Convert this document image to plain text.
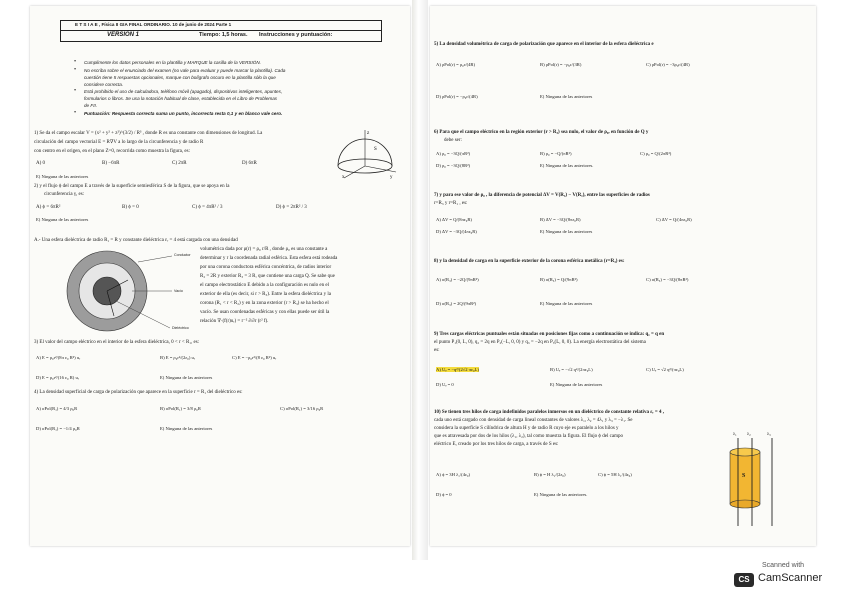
E T S I A E , Física II GIA FINAL ORDINARIO. 10 de junio de 2024 Parte 1
VERSIÓN 1	Tiempo: 1,5 horas. Instrucciones y puntuación:
• Cumplimente los datos personales en la plantilla y MARQUE la casilla de la VERSIÓN.
• No escriba sobre el enunciado del examen (no vale para evaluar y puede marcar la plantilla). Cada
cuestión tiene 5 respuestas opcionales, marque con bolígrafo oscuro en la plantilla sólo la que
considere correcta.
• Está prohibido el uso de calculadora, teléfono móvil (apagado), dispositivos inteligentes, apuntes,
formularios o libros. Se usa la notación habitual de clase, establecida en el Libro de Problemas
de FII.
• Puntuación: Respuesta correcta suma un punto, incorrecta resta 0,1 y en blanco vale cero.
1) Se da el campo escalar V = (x² + y² + z²)^(3/2) / R³ , donde R es una constante con dimensiones de longitud. La
circulación del campo vectorial E = R∇V a lo largo de la circunferencia y de radio R
con centro en el origen, en el plano Z=0, recorrida como muestra la figura, es:
A) 0	B) −6πR	C) 2πR	D) 6πR
E) Ninguna de las anteriores
z
S
y
x
2) y el flujo ϕ del campo E a través de la superficie semiesférica S de la figura, que se apoya en la
circunferencia γ, es:
A) ϕ = 6πR²	B) ϕ = 0	C) ϕ = 4πR² / 3	D) ϕ = 2πR² / 3
E) Ninguna de las anteriores
A.- Una esfera dieléctrica de radio R₁ = R y constante dieléctrica εᵣ = 4 está cargada con una densidad
volumétrica dada por ρ(r) = ρ₀ r/R , donde ρ₀ es una constante a
determinar y r la coordenada radial esférica. Esta esfera está rodeada
por una corona conductora esférica concéntrica, de radios interior
R₂ = 2R y exterior R₃ = 3 R, que contiene una carga Q. Se sabe que
el campo electrostático E debido a la configuración es nulo en el
exterior de ella (es decir, si r > R₃). Entre la esfera dieléctrica y la
corona (R₁ < r < R₂) y en la zona exterior (r > R₃) se ha hecho el
vacío. Se usan coordenadas esféricas y con ellas puede ser útil la
relación ∇·(f(r)uᵣ) = r⁻² ∂/∂r (r² f).
Conductor
Vacío
Dieléctrico
3) El valor del campo eléctrico en el interior de la esfera dieléctrica, 0 < r < R₁, es:
A) E = ρ₀r²/(8π ε₀ R²) uᵣ	B) E = ρ₀r²/(2ε₀) uᵣ	C) E = −ρ₀r²/(8 ε₀ R²) uᵣ
D) E = ρ₀r²/(16 ε₀ R) uᵣ	E) Ninguna de las anteriores
4) La densidad superficial de carga de polarización que aparece en la superficie r = R₁ del dieléctrico es:
A) σPol(R₁) = 4/3 ρ₀R	B) σPol(R₁) = 3/8 ρ₀R	C) σPol(R₁) = 3/16 ρ₀R
D) σPol(R₁) = −1/4 ρ₀R	E) Ninguna de las anteriores
5) La densidad volumétrica de carga de polarización que aparece en el interior de la esfera dieléctrica e
A) ρPol(r) = ρ₀r/(4R)	B) ρPol(r) = −ρ₀r/(3R)	C) ρPol(r) = −3ρ₀r/(4R)
D) ρPol(r) = −ρ₀r/(4R)	E) Ninguna de las anteriores
6) Para que el campo eléctrico en la región exterior (r > R₃) sea nulo, el valor de ρ₀, en función de Q y
debe ser:
A) ρ₀ = −3Q/(πR³)	B) ρ₀ = −Q/(πR³)	C) ρ₀ = Q/(2πR³)
D) ρ₀ = −3Q/(8R³)	E) Ninguna de las anteriores.
7) y para ese valor de ρ₀ , la diferencia de potencial ΔV = V(R₃) − V(R₁), entre las superficies de radios
r=R₃ y r=R₁ , es:
A) ΔV = Q/(8πε₀R)	B) ΔV = −3Q/(8πε₀R)	C) ΔV = Q/(4πε₀R)
D) ΔV = −3Q/(4πε₀R)	E) Ninguna de las anteriores
8) y la densidad de carga en la superficie exterior de la corona esférica metálica (r=R₃) es:
A) σ(R₃) = −2Q/(9πR²)	B) σ(R₃) = Q/(9πR²)	C) σ(R₃) = −3Q/(8πR²)
D) σ(R₃) = 2Q/(9πR²)	E) Ninguna de las anteriores
9) Tres cargas eléctricas puntuales están situadas en posiciones fijas como a continuación se indica: q₁ = q en
el punto P₁(0, L, 0), q₂ = 2q en P₂(−L, 0, 0) y q₃ = −2q en P₃(L, 0, 0). La energía electrostática del sistema
es:
A) Uₑ = −q²/(2√2 πε₀L)	B) Uₑ = −√2 q²/(2πε₀L)	C) Uₑ = √2 q²/(πε₀L)
D) Uₑ = 0	E) Ninguna de las anteriores
10) Se tienen tres hilos de carga indefinidos paralelos inmersos en un dieléctrico de constante relativa εᵣ = 4 ,
cada uno está cargado con densidad de carga lineal constantes de valores λ₁, λ₂ = 4λ₁ y λ₃ = −λ₁. Se
considera la superficie S cilíndrica de altura H y de radio R cuyo eje es paralelo a los hilos y
que es atravesada por dos de los hilos (λ₁, λ₂), tal como muestra la figura. El flujo ϕ del campo
eléctrico E, creado por los tres hilos de carga, a través de S es:
A) ϕ = 3H λ₁/(4ε₀)	B) ϕ = H λ₁/(2ε₀)	C) ϕ = 5H λ₁/(4ε₀)
D) ϕ = 0	E) Ninguna de las anteriores.
λ₁ λ₂	λ₃
S
Scanned with
CS CamScanner
